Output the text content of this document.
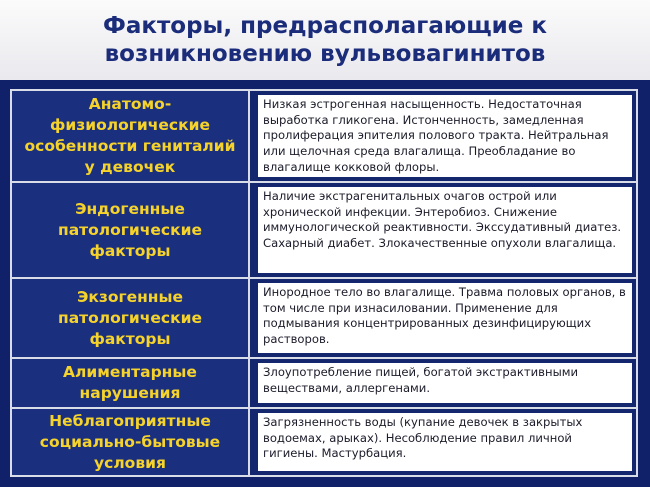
Факторы, предрасполагающие к
возникновению вульвовагинитов
Анатомо-
физиологические
особенности гениталий
у девочек
Низкая эстрогенная насыщенность. Недостаточная выработка гликогена. Истонченность, замедленная пролиферация эпителия полового тракта. Нейтральная или щелочная среда влагалища. Преобладание во влагалище кокковой флоры.
Эндогенные
патологические
факторы
Наличие экстрагенитальных очагов острой или хронической инфекции. Энтеробиоз. Снижение иммунологической реактивности. Экссудативный диатез. Сахарный диабет. Злокачественные опухоли влагалища.
Экзогенные
патологические
факторы
Инородное тело во влагалище. Травма половых органов, в том числе при изнасиловании. Применение для подмывания концентрированных дезинфицирующих растворов.
Алиментарные
нарушения
Злоупотребление пищей, богатой экстрактивными веществами, аллергенами.
Неблагоприятные
социально-бытовые
условия
Загрязненность воды (купание девочек в закрытых водоемах, арыках). Несоблюдение правил личной гигиены. Мастурбация.
